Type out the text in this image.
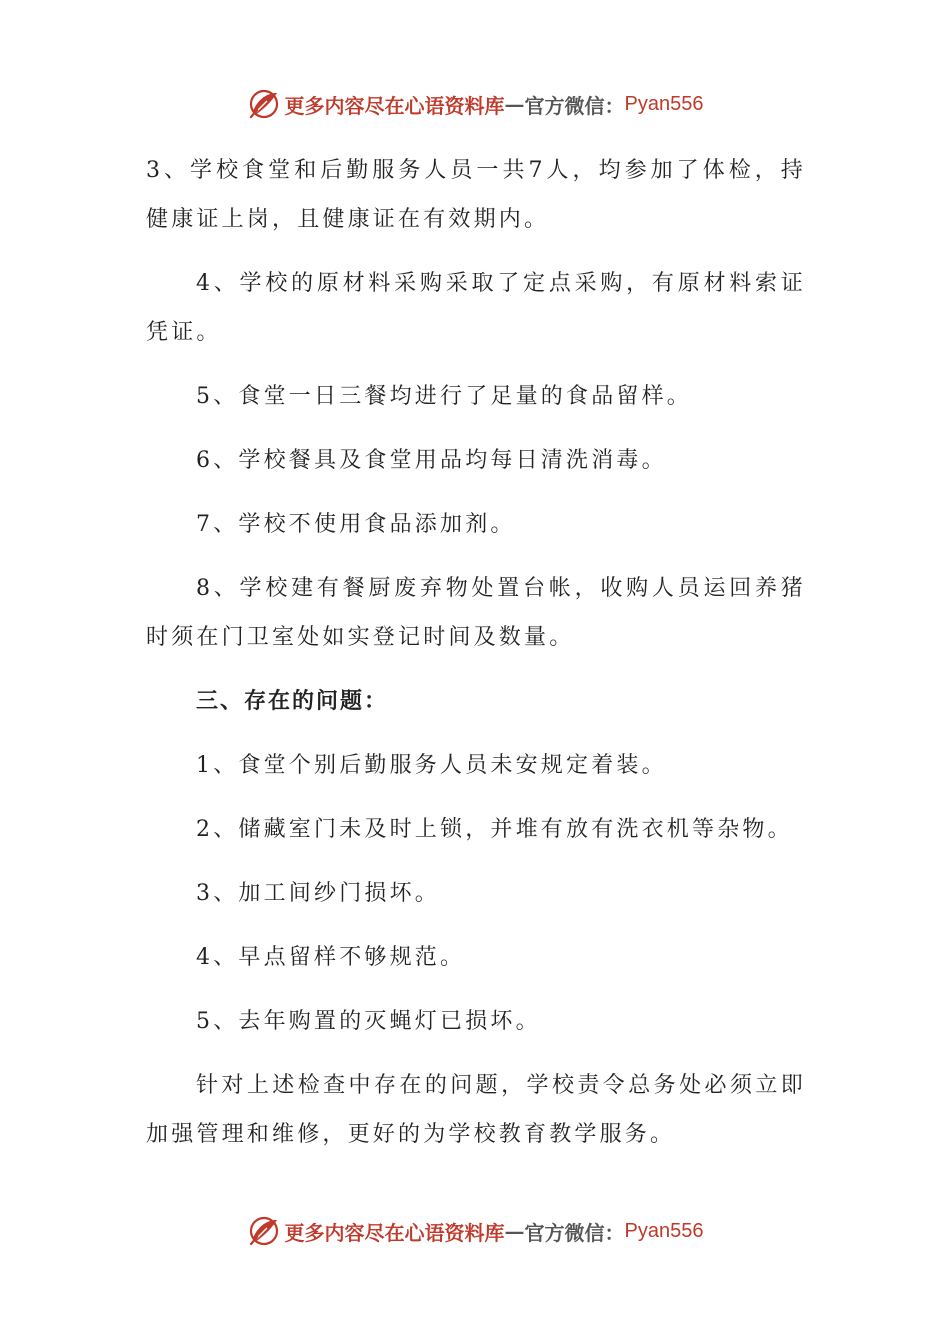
更多内容尽在心语资料库 — 官方微信： Pyan556

3、学校食堂和后勤服务人员一共7人，均参加了体检，持健康证上岗，且健康证在有效期内。

4、学校的原材料采购采取了定点采购，有原材料索证凭证。

5、食堂一日三餐均进行了足量的食品留样。

6、学校餐具及食堂用品均每日清洗消毒。

7、学校不使用食品添加剂。

8、学校建有餐厨废弃物处置台帐，收购人员运回养猪时须在门卫室处如实登记时间及数量。

三、存在的问题：

1、食堂个别后勤服务人员未安规定着装。

2、储藏室门未及时上锁，并堆有放有洗衣机等杂物。

3、加工间纱门损坏。

4、早点留样不够规范。

5、去年购置的灭蝇灯已损坏。

针对上述检查中存在的问题，学校责令总务处必须立即加强管理和维修，更好的为学校教育教学服务。

更多内容尽在心语资料库 — 官方微信： Pyan556
